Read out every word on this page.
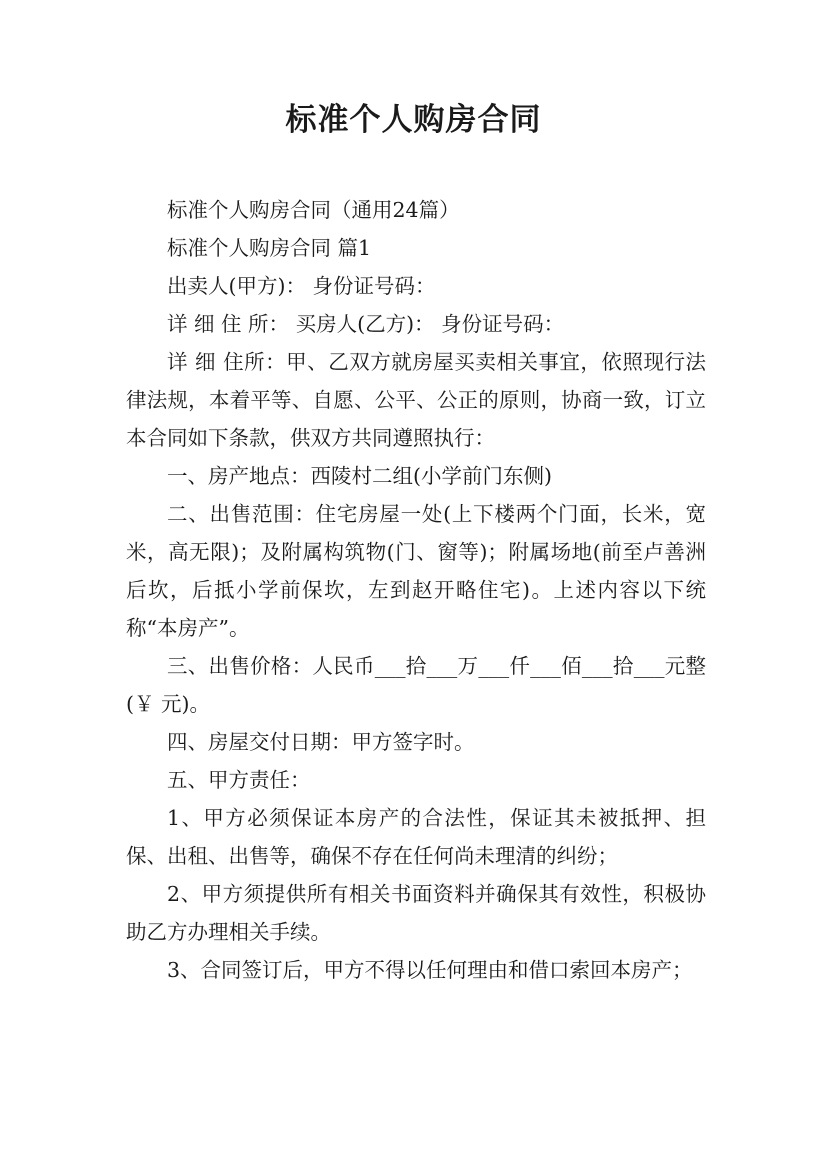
标准个人购房合同

标准个人购房合同（通用24篇）

标准个人购房合同 篇1

出卖人(甲方)： 身份证号码：

详 细 住 所： 买房人(乙方)： 身份证号码：

详 细 住所：甲、乙双方就房屋买卖相关事宜，依照现行法律法规，本着平等、自愿、公平、公正的原则，协商一致，订立本合同如下条款，供双方共同遵照执行：

一、房产地点：西陵村二组(小学前门东侧)

二、出售范围：住宅房屋一处(上下楼两个门面，长米，宽米，高无限)；及附属构筑物(门、窗等)；附属场地(前至卢善洲后坎，后抵小学前保坎，左到赵开略住宅)。上述内容以下统称“本房产”。

三、出售价格：人民币___拾___万___仟___佰___拾___元整(￥ 元)。

四、房屋交付日期：甲方签字时。

五、甲方责任：

1、甲方必须保证本房产的合法性，保证其未被抵押、担保、出租、出售等，确保不存在任何尚未理清的纠纷；

2、甲方须提供所有相关书面资料并确保其有效性，积极协助乙方办理相关手续。

3、合同签订后，甲方不得以任何理由和借口索回本房产；
